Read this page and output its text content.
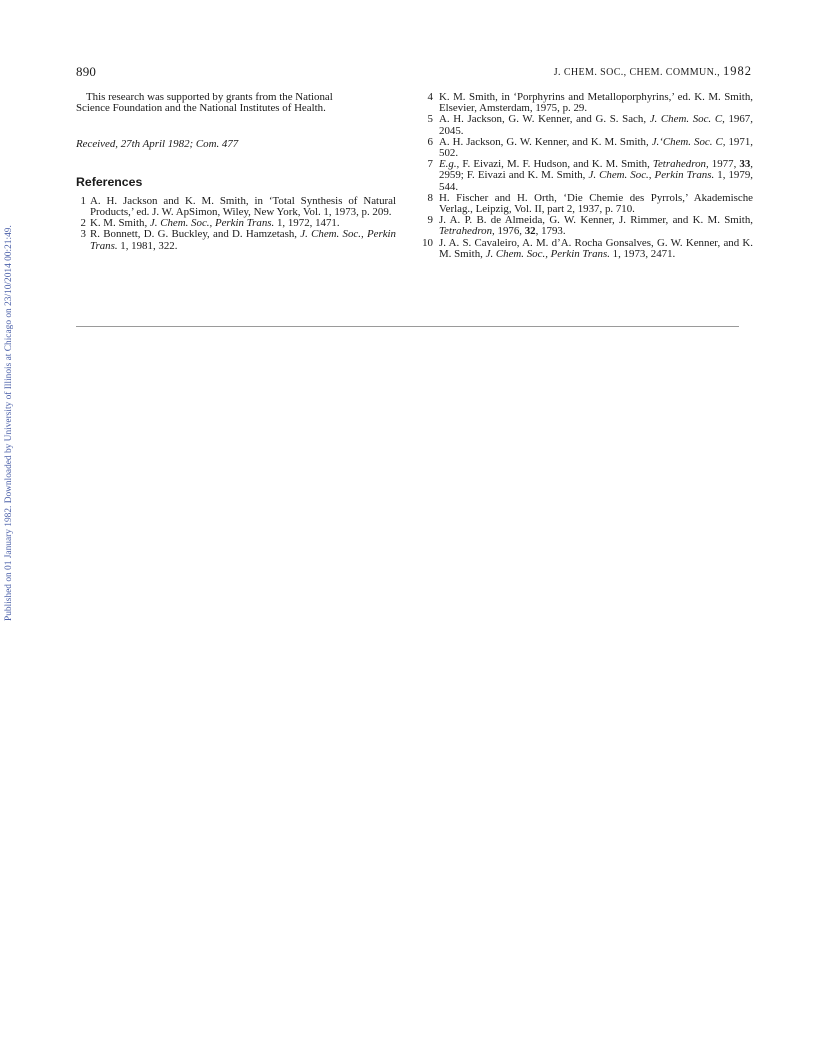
Published on 01 January 1982. Downloaded by University of Illinois at Chicago on 23/10/2014 00:21:49.
890	J. CHEM. SOC., CHEM. COMMUN., 1982

This research was supported by grants from the National

Science Foundation and the National Institutes of Health.

Received, 27th April 1982; Com. 477

References
1 A. H. Jackson and K. M. Smith, in ‘Total Synthesis of Natural Products,’ ed. J. W. ApSimon, Wiley, New York, Vol. 1, 1973, p. 209.
2 K. M. Smith, J. Chem. Soc., Perkin Trans. 1, 1972, 1471.
3 R. Bonnett, D. G. Buckley, and D. Hamzetash, J. Chem. Soc., Perkin Trans. 1, 1981, 322.
4 K. M. Smith, in ‘Porphyrins and Metalloporphyrins,’ ed. K. M. Smith, Elsevier, Amsterdam, 1975, p. 29.
5 A. H. Jackson, G. W. Kenner, and G. S. Sach, J. Chem. Soc. C, 1967, 2045.
6 A. H. Jackson, G. W. Kenner, and K. M. Smith, J.‘Chem. Soc. C, 1971, 502.
7 E.g., F. Eivazi, M. F. Hudson, and K. M. Smith, Tetrahedron, 1977, 33, 2959; F. Eivazi and K. M. Smith, J. Chem. Soc., Perkin Trans. 1, 1979, 544.
8 H. Fischer and H. Orth, ‘Die Chemie des Pyrrols,’ Akademische Verlag., Leipzig, Vol. II, part 2, 1937, p. 710.
9 J. A. P. B. de Almeida, G. W. Kenner, J. Rimmer, and K. M. Smith, Tetrahedron, 1976, 32, 1793.
10 J. A. S. Cavaleiro, A. M. d’A. Rocha Gonsalves, G. W. Kenner, and K. M. Smith, J. Chem. Soc., Perkin Trans. 1, 1973, 2471.
